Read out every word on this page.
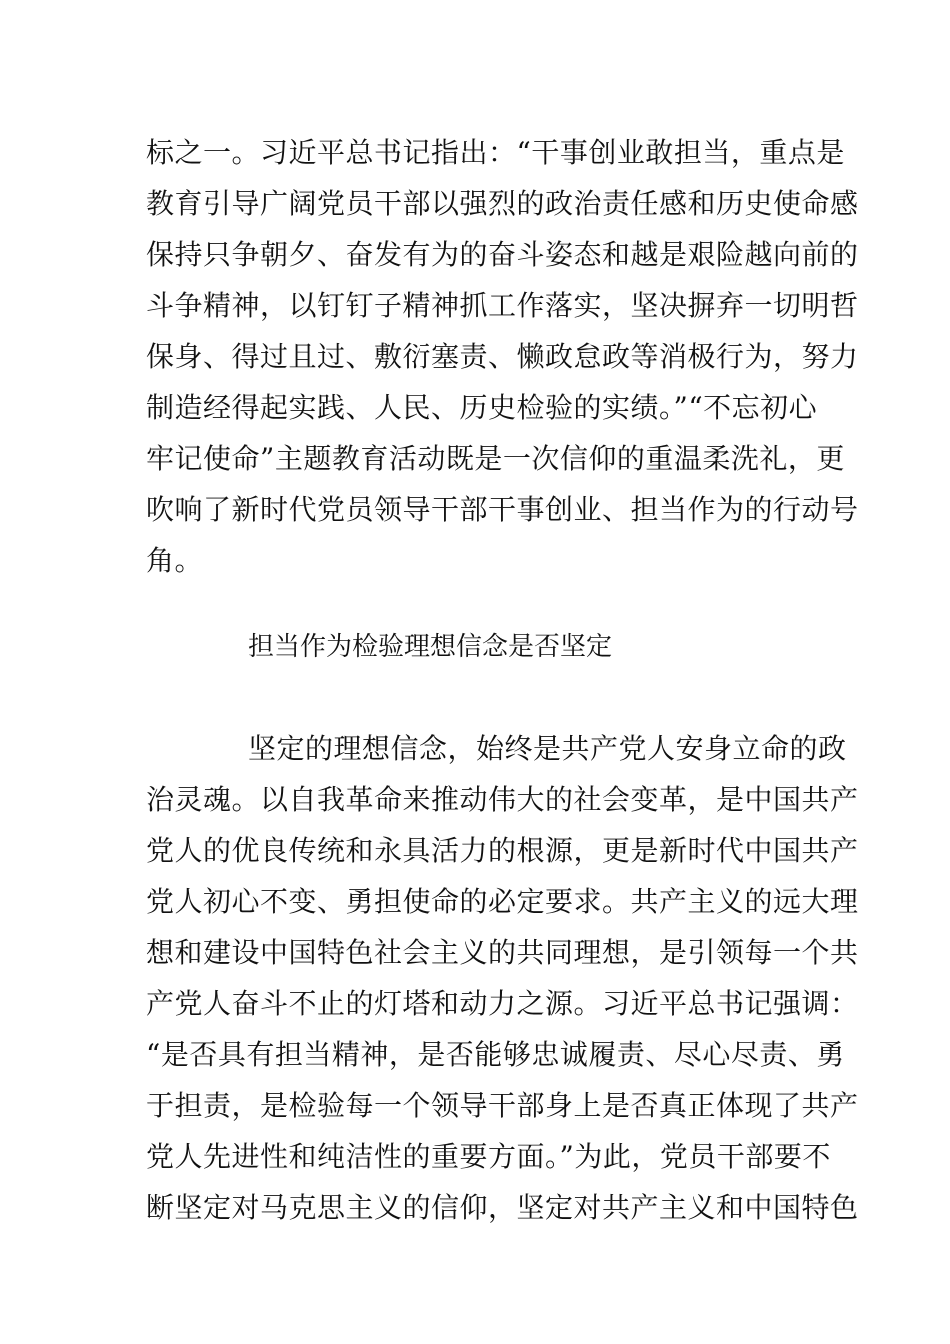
标之一。习近平总书记指出：“干事创业敢担当，重点是
教育引导广阔党员干部以强烈的政治责任感和历史使命感
保持只争朝夕、奋发有为的奋斗姿态和越是艰险越向前的
斗争精神，以钉钉子精神抓工作落实，坚决摒弃一切明哲
保身、得过且过、敷衍塞责、懒政怠政等消极行为，努力
制造经得起实践、人民、历史检验的实绩。”“不忘初心
牢记使命”主题教育活动既是一次信仰的重温柔洗礼，更
吹响了新时代党员领导干部干事创业、担当作为的行动号
角。
担当作为检验理想信念是否坚定
坚定的理想信念，始终是共产党人安身立命的政
治灵魂。以自我革命来推动伟大的社会变革，是中国共产
党人的优良传统和永具活力的根源，更是新时代中国共产
党人初心不变、勇担使命的必定要求。共产主义的远大理
想和建设中国特色社会主义的共同理想，是引领每一个共
产党人奋斗不止的灯塔和动力之源。习近平总书记强调：
“是否具有担当精神，是否能够忠诚履责、尽心尽责、勇
于担责，是检验每一个领导干部身上是否真正体现了共产
党人先进性和纯洁性的重要方面。”为此，党员干部要不
断坚定对马克思主义的信仰，坚定对共产主义和中国特色
